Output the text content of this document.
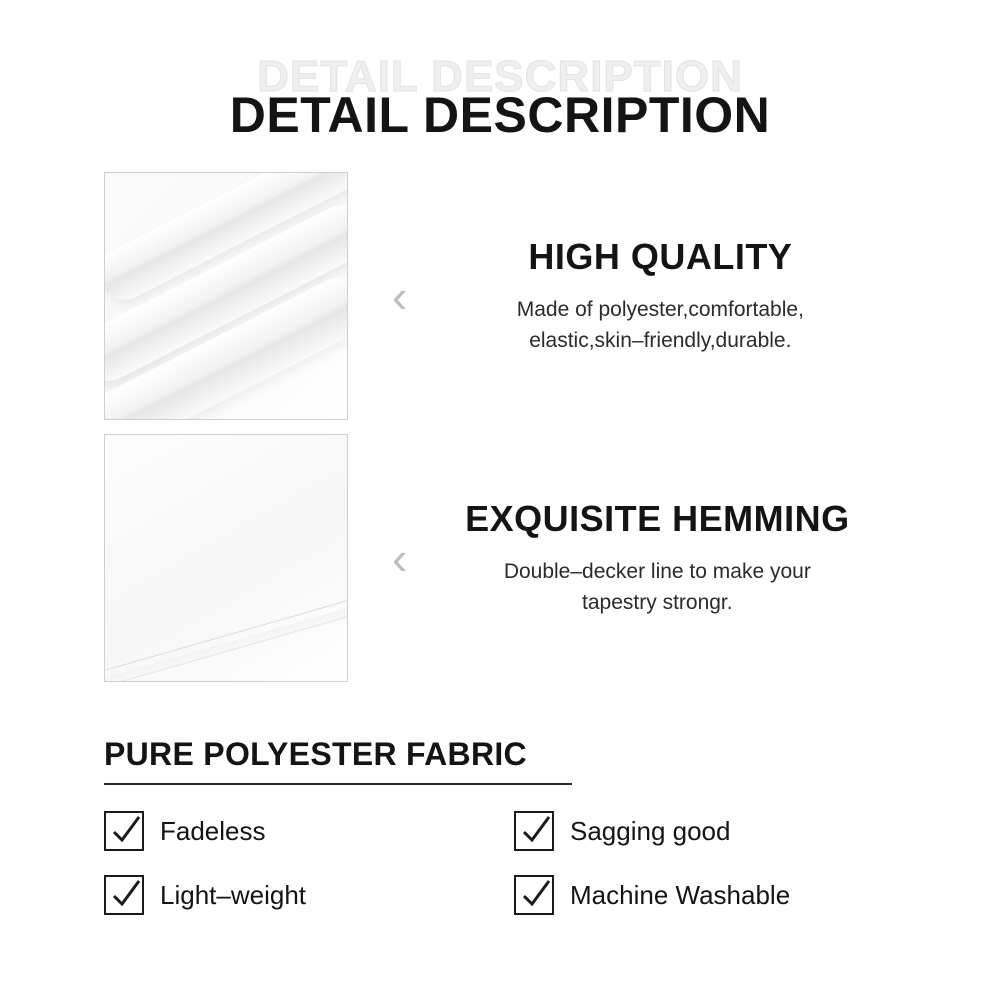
DETAIL DESCRIPTION
DETAIL DESCRIPTION
‹
HIGH QUALITY
Made of polyester,comfortable,
elastic,skin–friendly,durable.
‹
EXQUISITE HEMMING
Double–decker line to make your
tapestry strongr.
PURE POLYESTER FABRIC
Fadeless	Sagging good
Light–weight	Machine Washable
